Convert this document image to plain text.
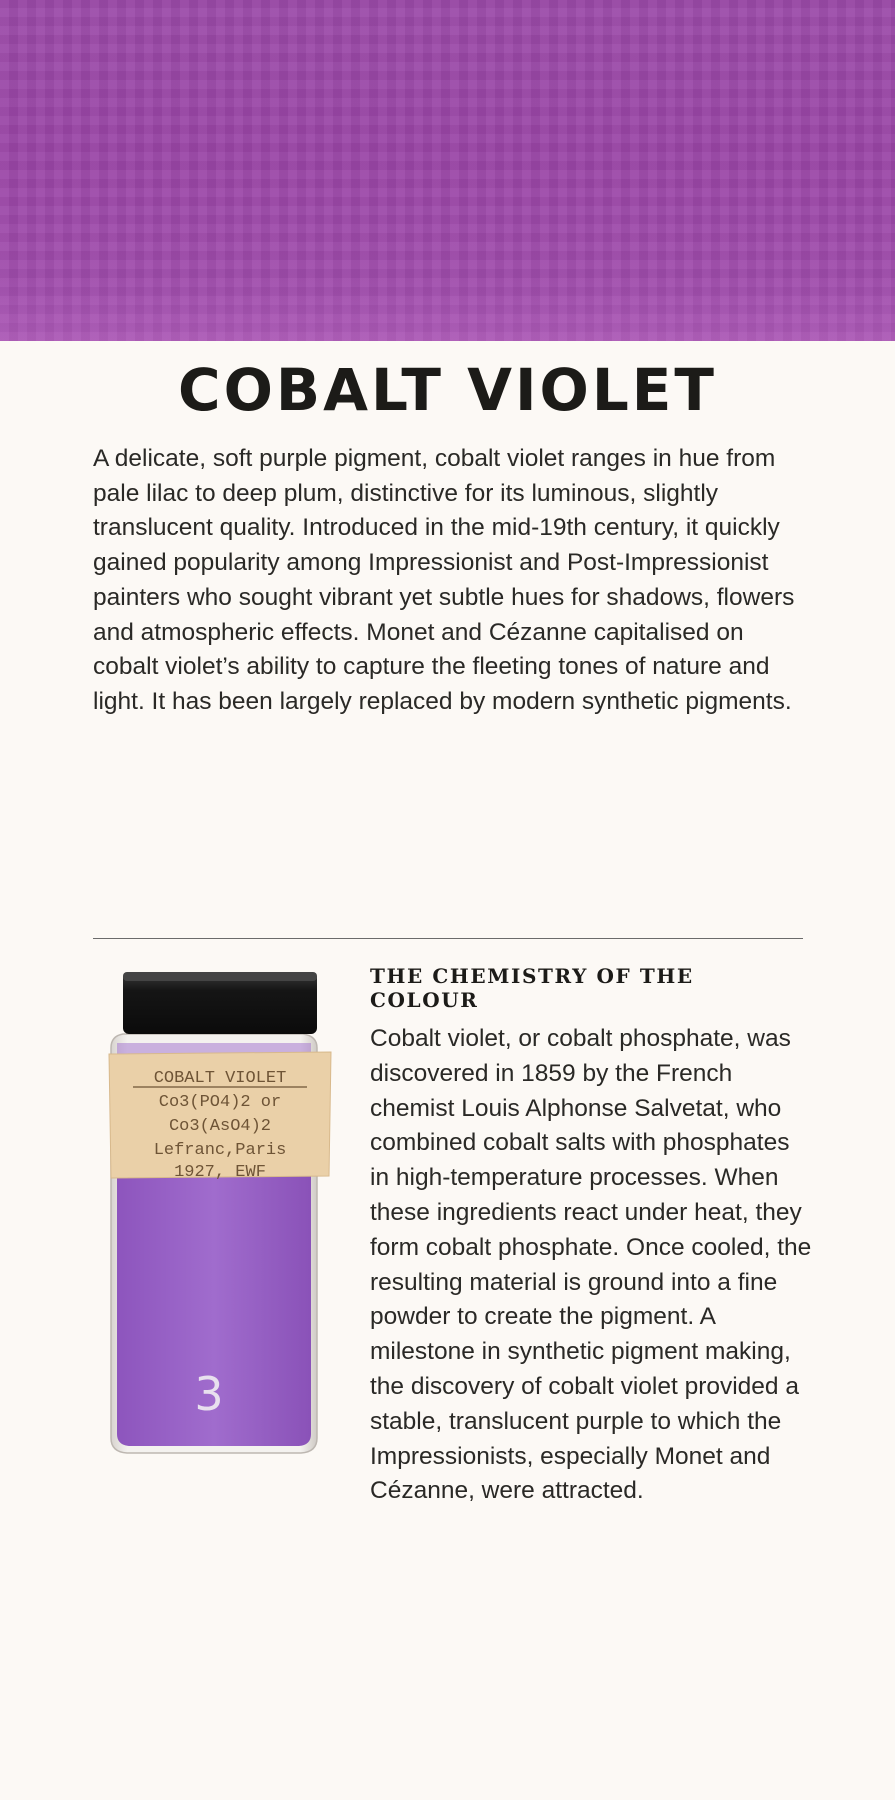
COBALT VIOLET

A delicate, soft purple pigment, cobalt violet ranges in hue from pale lilac to deep plum, distinctive for its luminous, slightly translucent quality. Introduced in the mid-19th century, it quickly gained popularity among Impressionist and Post-Impressionist painters who sought vibrant yet subtle hues for shadows, flowers and atmospheric effects. Monet and Cézanne capitalised on cobalt violet’s ability to capture the fleeting tones of nature and light. It has been largely replaced by modern synthetic pigments.

COBALT VIOLET
Co3(PO4)2 or
Co3(AsO4)2
Lefranc,Paris
1927, EWF
3
THE CHEMISTRY OF THE COLOUR

Cobalt violet, or cobalt phosphate, was discovered in 1859 by the French chemist Louis Alphonse Salvetat, who combined cobalt salts with phosphates in high-temperature processes. When these ingredients react under heat, they form cobalt phosphate. Once cooled, the resulting material is ground into a fine powder to create the pigment. A milestone in synthetic pigment making, the discovery of cobalt violet provided a stable, translucent purple to which the Impressionists, especially Monet and Cézanne, were attracted.
